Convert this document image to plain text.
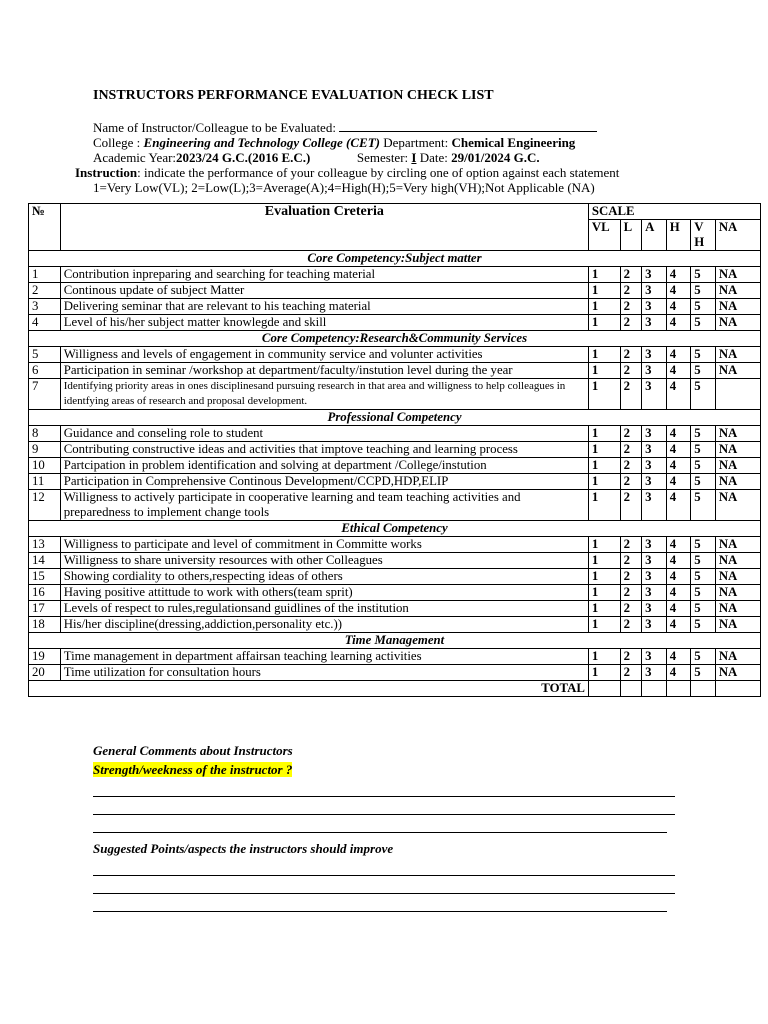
INSTRUCTORS PERFORMANCE EVALUATION CHECK LIST
Name of Instructor/Colleague to be Evaluated:
College : Engineering and Technology College (CET) Department: Chemical Engineering
Academic Year:2023/24 G.C.(2016 E.C.)	Semester: I Date: 29/01/2024 G.C.
Instruction: indicate the performance of your colleague by circling one of option against each statement
1=Very Low(VL); 2=Low(L);3=Average(A);4=High(H);5=Very high(VH);Not Applicable (NA)
№	Evaluation Creteria	SCALE					
		VL	L	A	H	V H	NA
Core Competency:Subject matter							
1	Contribution inpreparing and searching for teaching material	1	2	3	4	5	NA
2	Continous update of subject Matter	1	2	3	4	5	NA
3	Delivering seminar that are relevant to his teaching material	1	2	3	4	5	NA
4	Level of his/her subject matter knowlegde and skill	1	2	3	4	5	NA
Core Competency:Research&Community Services							
5	Willigness and levels of engagement in community service and volunter activities	1	2	3	4	5	NA
6	Participation in seminar /workshop at department/faculty/instution level during the year	1	2	3	4	5	NA
7	Identifying priority areas in ones disciplinesand pursuing research in that area and willigness to help colleagues in identfying areas of research and proposal development.	1	2	3	4	5	
Professional Competency							
8	Guidance and conseling role to student	1	2	3	4	5	NA
9	Contributing constructive ideas and activities that imptove teaching and learning process	1	2	3	4	5	NA
10	Partcipation in problem identification and solving at department /College/instution	1	2	3	4	5	NA
11	Participation in Comprehensive Continous Development/CCPD,HDP,ELIP	1	2	3	4	5	NA
12	Willigness to actively participate in cooperative learning and team teaching activities and preparedness to implement change tools	1	2	3	4	5	NA
Ethical Competency							
13	Willigness to participate and level of commitment in Committe works	1	2	3	4	5	NA
14	Willigness to share university resources with other Colleagues	1	2	3	4	5	NA
15	Showing cordiality to others,respecting ideas of others	1	2	3	4	5	NA
16	Having positive attittude to work with others(team sprit)	1	2	3	4	5	NA
17	Levels of respect to rules,regulationsand guidlines of the institution	1	2	3	4	5	NA
18	His/her discipline(dressing,addiction,personality etc.))	1	2	3	4	5	NA
Time Management							
19	Time management in department affairsan teaching learning activities	1	2	3	4	5	NA
20	Time utilization for consultation hours	1	2	3	4	5	NA
TOTAL							
General Comments about Instructors
Strength/weekness of the instructor ?
Suggested Points/aspects the instructors should improve
